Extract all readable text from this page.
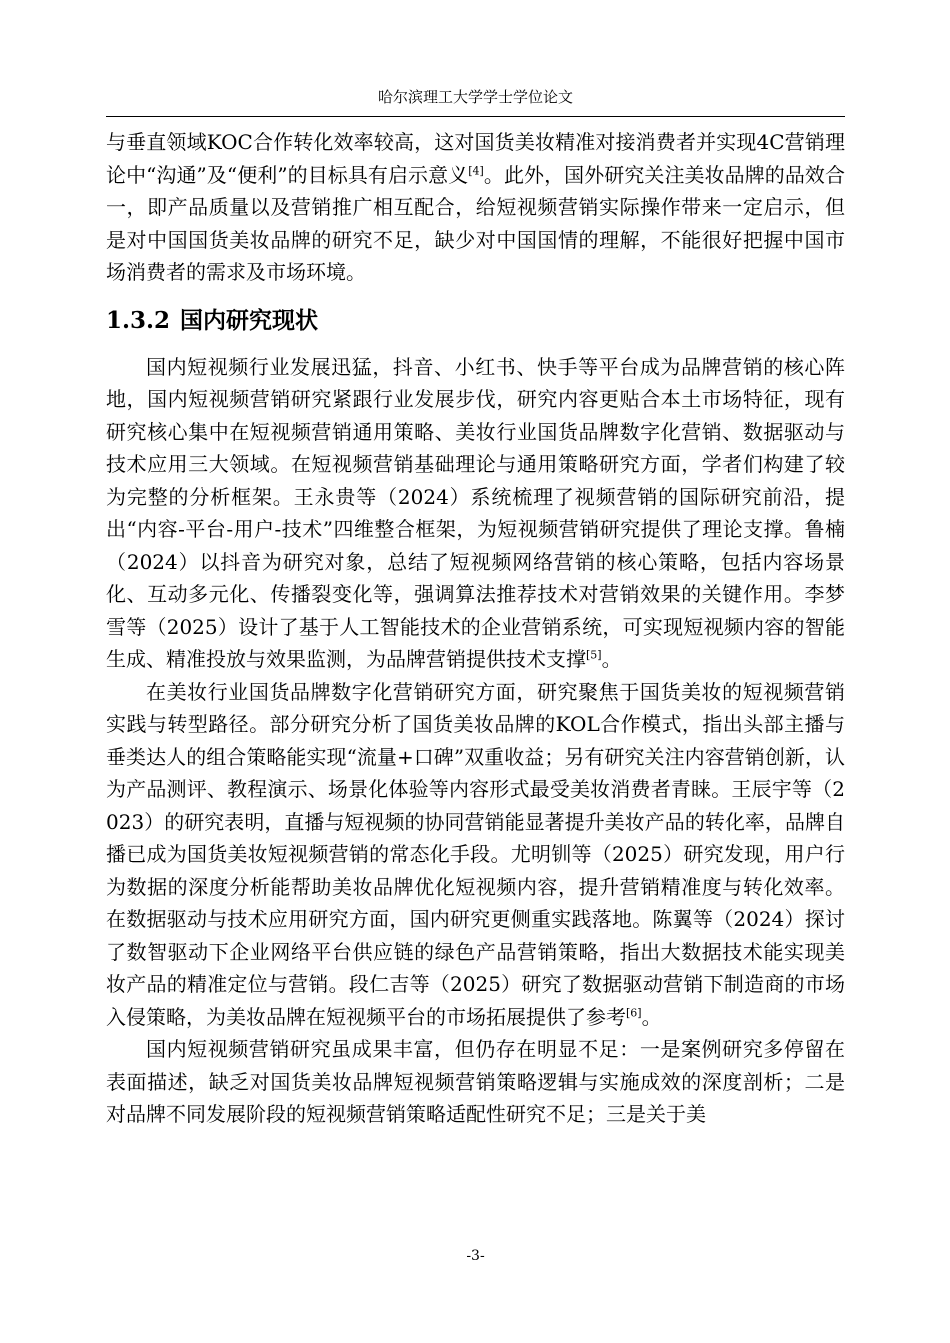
哈尔滨理工大学学士学位论文

与垂直领域KOC合作转化效率较高，这对国货美妆精准对接消费者并实现4C营销理论中“沟通”及“便利”的目标具有启示意义[4]。此外，国外研究关注美妆品牌的品效合一，即产品质量以及营销推广相互配合，给短视频营销实际操作带来一定启示，但是对中国国货美妆品牌的研究不足，缺少对中国国情的理解，不能很好把握中国市场消费者的需求及市场环境。

1.3.2 国内研究现状

国内短视频行业发展迅猛，抖音、小红书、快手等平台成为品牌营销的核心阵地，国内短视频营销研究紧跟行业发展步伐，研究内容更贴合本土市场特征，现有研究核心集中在短视频营销通用策略、美妆行业国货品牌数字化营销、数据驱动与技术应用三大领域。在短视频营销基础理论与通用策略研究方面，学者们构建了较为完整的分析框架。王永贵等（2024）系统梳理了视频营销的国际研究前沿，提出“内容-平台-用户-技术”四维整合框架，为短视频营销研究提供了理论支撑。鲁楠（2024）以抖音为研究对象，总结了短视频网络营销的核心策略，包括内容场景化、互动多元化、传播裂变化等，强调算法推荐技术对营销效果的关键作用。李梦雪等（2025）设计了基于人工智能技术的企业营销系统，可实现短视频内容的智能生成、精准投放与效果监测，为品牌营销提供技术支撑[5]。

在美妆行业国货品牌数字化营销研究方面，研究聚焦于国货美妆的短视频营销实践与转型路径。部分研究分析了国货美妆品牌的KOL合作模式，指出头部主播与垂类达人的组合策略能实现“流量+口碑”双重收益；另有研究关注内容营销创新，认为产品测评、教程演示、场景化体验等内容形式最受美妆消费者青睐。王辰宇等（2023）的研究表明，直播与短视频的协同营销能显著提升美妆产品的转化率，品牌自播已成为国货美妆短视频营销的常态化手段。尤明钏等（2025）研究发现，用户行为数据的深度分析能帮助美妆品牌优化短视频内容，提升营销精准度与转化效率。在数据驱动与技术应用研究方面，国内研究更侧重实践落地。陈翼等（2024）探讨了数智驱动下企业网络平台供应链的绿色产品营销策略，指出大数据技术能实现美妆产品的精准定位与营销。段仁吉等（2025）研究了数据驱动营销下制造商的市场入侵策略，为美妆品牌在短视频平台的市场拓展提供了参考[6]。

国内短视频营销研究虽成果丰富，但仍存在明显不足：一是案例研究多停留在表面描述，缺乏对国货美妆品牌短视频营销策略逻辑与实施成效的深度剖析；二是对品牌不同发展阶段的短视频营销策略适配性研究不足；三是关于美

-3-
